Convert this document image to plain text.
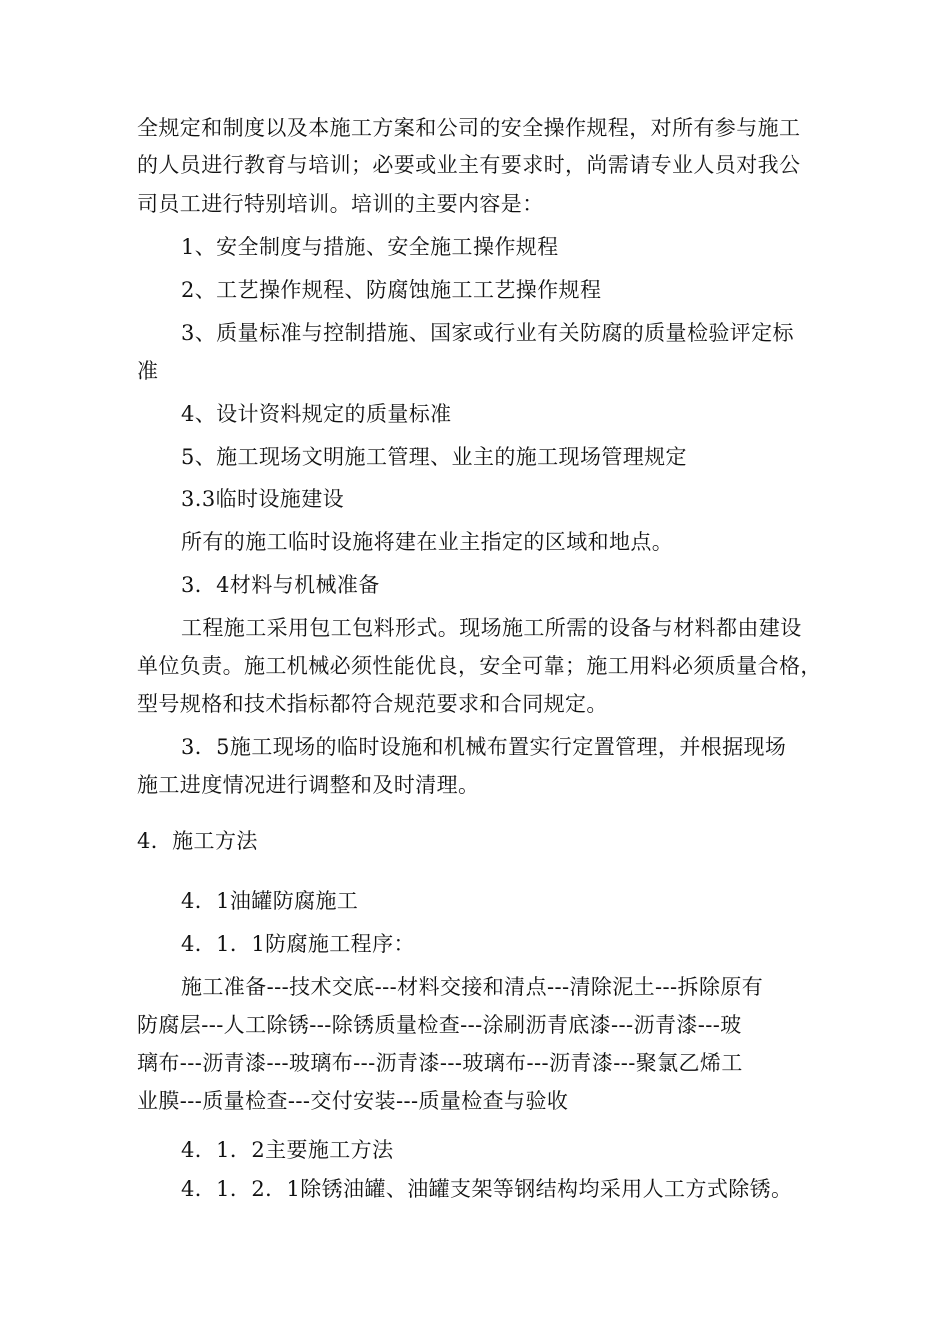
全规定和制度以及本施工方案和公司的安全操作规程，对所有参与施工
的人员进行教育与培训；必要或业主有要求时，尚需请专业人员对我公
司员工进行特别培训。培训的主要内容是：
1、安全制度与措施、安全施工操作规程
2、工艺操作规程、防腐蚀施工工艺操作规程
3、质量标准与控制措施、国家或行业有关防腐的质量检验评定标
准
4、设计资料规定的质量标准
5、施工现场文明施工管理、业主的施工现场管理规定
3.3临时设施建设
所有的施工临时设施将建在业主指定的区域和地点。
3．4材料与机械准备
工程施工采用包工包料形式。现场施工所需的设备与材料都由建设
单位负责。施工机械必须性能优良，安全可靠；施工用料必须质量合格，
型号规格和技术指标都符合规范要求和合同规定。
3．5施工现场的临时设施和机械布置实行定置管理，并根据现场
施工进度情况进行调整和及时清理。
4．施工方法
4．1油罐防腐施工
4．1．1防腐施工程序：
施工准备---技术交底---材料交接和清点---清除泥土---拆除原有
防腐层---人工除锈---除锈质量检查---涂刷沥青底漆---沥青漆---玻
璃布---沥青漆---玻璃布---沥青漆---玻璃布---沥青漆---聚氯乙烯工
业膜---质量检查---交付安装---质量检查与验收
4．1．2主要施工方法
4．1．2．1除锈油罐、油罐支架等钢结构均采用人工方式除锈。
